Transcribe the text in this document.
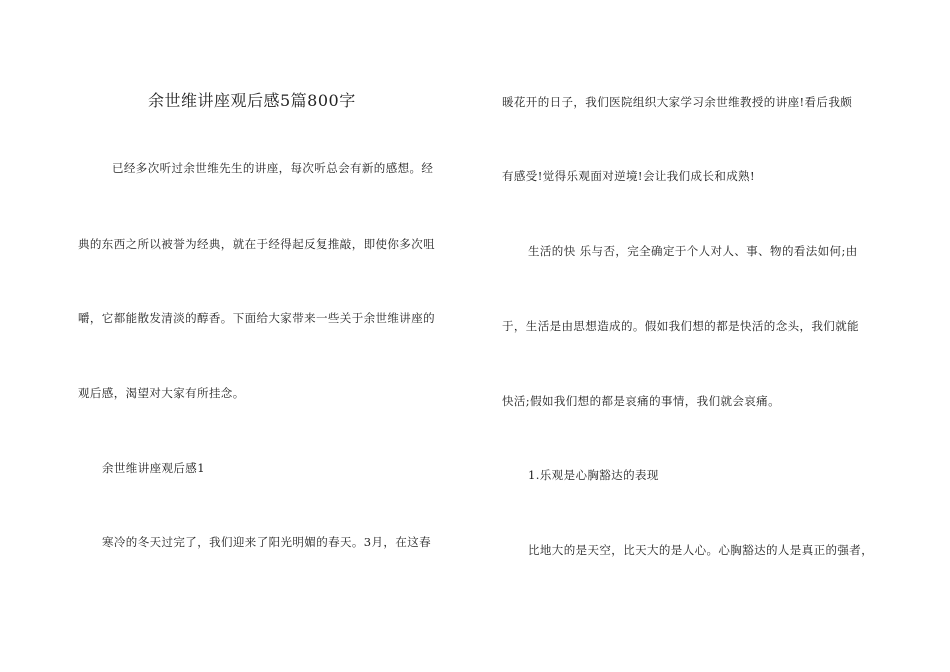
余世维讲座观后感5篇800字
已经多次听过余世维先生的讲座，每次听总会有新的感想。经
典的东西之所以被誉为经典，就在于经得起反复推敲，即使你多次咀
嚼，它都能散发清淡的醇香。下面给大家带来一些关于余世维讲座的
观后感，渴望对大家有所挂念。
余世维讲座观后感1
寒冷的冬天过完了，我们迎来了阳光明媚的春天。3月，在这春
暖花开的日子，我们医院组织大家学习余世维教授的讲座!看后我颇
有感受!觉得乐观面对逆境!会让我们成长和成熟!
生活的快 乐与否，完全确定于个人对人、事、物的看法如何;由
于，生活是由思想造成的。假如我们想的都是快活的念头，我们就能
快活;假如我们想的都是哀痛的事情，我们就会哀痛。
1.乐观是心胸豁达的表现
比地大的是天空，比天大的是人心。心胸豁达的人是真正的强者，
